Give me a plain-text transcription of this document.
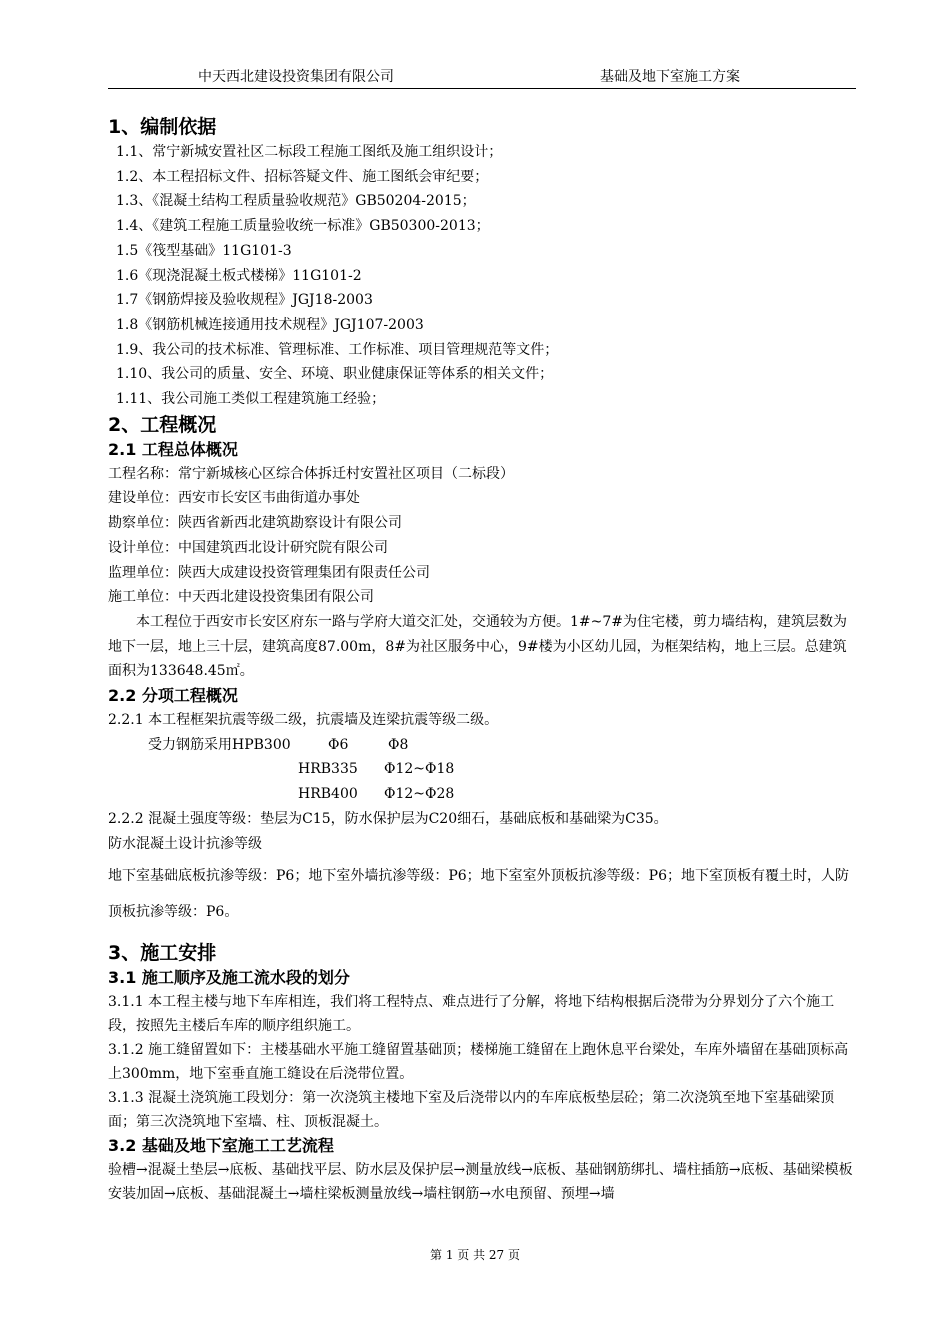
中天西北建设投资集团有限公司	基础及地下室施工方案
1、编制依据
1.1、常宁新城安置社区二标段工程施工图纸及施工组织设计；
1.2、本工程招标文件、招标答疑文件、施工图纸会审纪要；
1.3、《混凝土结构工程质量验收规范》GB50204-2015；
1.4、《建筑工程施工质量验收统一标准》GB50300-2013；
1.5《筏型基础》11G101-3
1.6《现浇混凝土板式楼梯》11G101-2
1.7《钢筋焊接及验收规程》JGJ18-2003
1.8《钢筋机械连接通用技术规程》JGJ107-2003
1.9、我公司的技术标准、管理标准、工作标准、项目管理规范等文件；
1.10、我公司的质量、安全、环境、职业健康保证等体系的相关文件；
1.11、我公司施工类似工程建筑施工经验；
2、工程概况
2.1 工程总体概况
工程名称：常宁新城核心区综合体拆迁村安置社区项目（二标段）
建设单位：西安市长安区韦曲街道办事处
勘察单位：陕西省新西北建筑勘察设计有限公司
设计单位：中国建筑西北设计研究院有限公司
监理单位：陕西大成建设投资管理集团有限责任公司
施工单位：中天西北建设投资集团有限公司
本工程位于西安市长安区府东一路与学府大道交汇处，交通较为方便。1#~7#为住宅楼，剪力墙结构，建筑层数为地下一层，地上三十层，建筑高度87.00m，8#为社区服务中心，9#楼为小区幼儿园，为框架结构，地上三层。总建筑面积为133648.45㎡。
2.2 分项工程概况
2.2.1 本工程框架抗震等级二级，抗震墙及连梁抗震等级二级。
受力钢筋采用HPB300	Φ6	Φ8
HRB335 Φ12~Φ18
HRB400 Φ12~Φ28
2.2.2 混凝土强度等级：垫层为C15，防水保护层为C20细石，基础底板和基础梁为C35。
防水混凝土设计抗渗等级
地下室基础底板抗渗等级：P6；地下室外墙抗渗等级：P6；地下室室外顶板抗渗等级：P6；地下室顶板有覆土时，人防顶板抗渗等级：P6。
3、施工安排
3.1 施工顺序及施工流水段的划分
3.1.1 本工程主楼与地下车库相连，我们将工程特点、难点进行了分解，将地下结构根据后浇带为分界划分了六个施工段，按照先主楼后车库的顺序组织施工。
3.1.2 施工缝留置如下：主楼基础水平施工缝留置基础顶；楼梯施工缝留在上跑休息平台梁处，车库外墙留在基础顶标高上300mm，地下室垂直施工缝设在后浇带位置。
3.1.3 混凝土浇筑施工段划分：第一次浇筑主楼地下室及后浇带以内的车库底板垫层砼；第二次浇筑至地下室基础梁顶面；第三次浇筑地下室墙、柱、顶板混凝土。
3.2 基础及地下室施工工艺流程
验槽→混凝土垫层→底板、基础找平层、防水层及保护层→测量放线→底板、基础钢筋绑扎、墙柱插筋→底板、基础梁模板安装加固→底板、基础混凝土→墙柱梁板测量放线→墙柱钢筋→水电预留、预埋→墙
第 1 页 共 27 页
